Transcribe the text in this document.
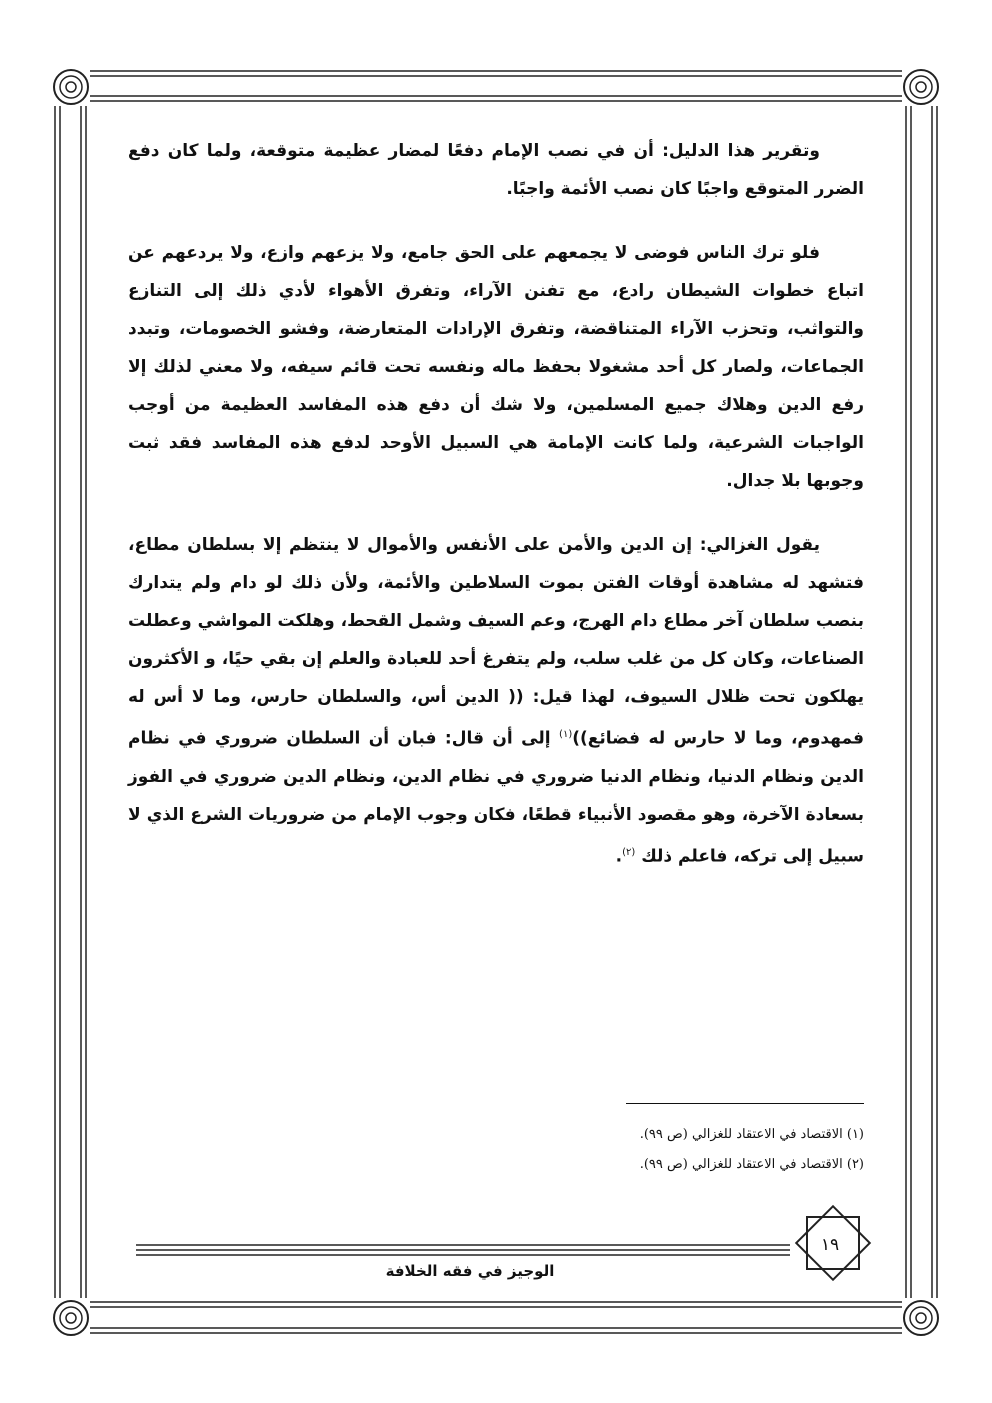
وتقرير هذا الدليل: أن في نصب الإمام دفعًا لمضار عظيمة متوقعة، ولما كان دفع الضرر المتوقع واجبًا كان نصب الأئمة واجبًا.

فلو ترك الناس فوضى لا يجمعهم على الحق جامع، ولا يزعهم وازع، ولا يردعهم عن اتباع خطوات الشيطان رادع، مع تفنن الآراء، وتفرق الأهواء لأدي ذلك إلى التنازع والتواثب، وتحزب الآراء المتناقضة، وتفرق الإرادات المتعارضة، وفشو الخصومات، وتبدد الجماعات، ولصار كل أحد مشغولا بحفظ ماله ونفسه تحت قائم سيفه، ولا معني لذلك إلا رفع الدين وهلاك جميع المسلمين، ولا شك أن دفع هذه المفاسد العظيمة من أوجب الواجبات الشرعية، ولما كانت الإمامة هي السبيل الأوحد لدفع هذه المفاسد فقد ثبت وجوبها بلا جدال.

يقول الغزالي: إن الدين والأمن على الأنفس والأموال لا ينتظم إلا بسلطان مطاع، فتشهد له مشاهدة أوقات الفتن بموت السلاطين والأئمة، ولأن ذلك لو دام ولم يتدارك بنصب سلطان آخر مطاع دام الهرج، وعم السيف وشمل القحط، وهلكت المواشي وعطلت الصناعات، وكان كل من غلب سلب، ولم يتفرغ أحد للعبادة والعلم إن بقي حيًا، و الأكثرون يهلكون تحت ظلال السيوف، لهذا قيل: (( الدين أس، والسلطان حارس، وما لا أس له فمهدوم، وما لا حارس له فضائع))$^{(١)}$ إلى أن قال: فبان أن السلطان ضروري في نظام الدين ونظام الدنيا، ونظام الدنيا ضروري في نظام الدين، ونظام الدين ضروري في الفوز بسعادة الآخرة، وهو مقصود الأنبياء قطعًا، فكان وجوب الإمام من ضروريات الشرع الذي لا سبيل إلى تركه، فاعلم ذلك $^{(٢)}$.

(١) الاقتصاد في الاعتقاد للغزالي (ص ٩٩).
(٢) الاقتصاد في الاعتقاد للغزالي (ص ٩٩).
١٩
الوجيز في فقه الخلافة
